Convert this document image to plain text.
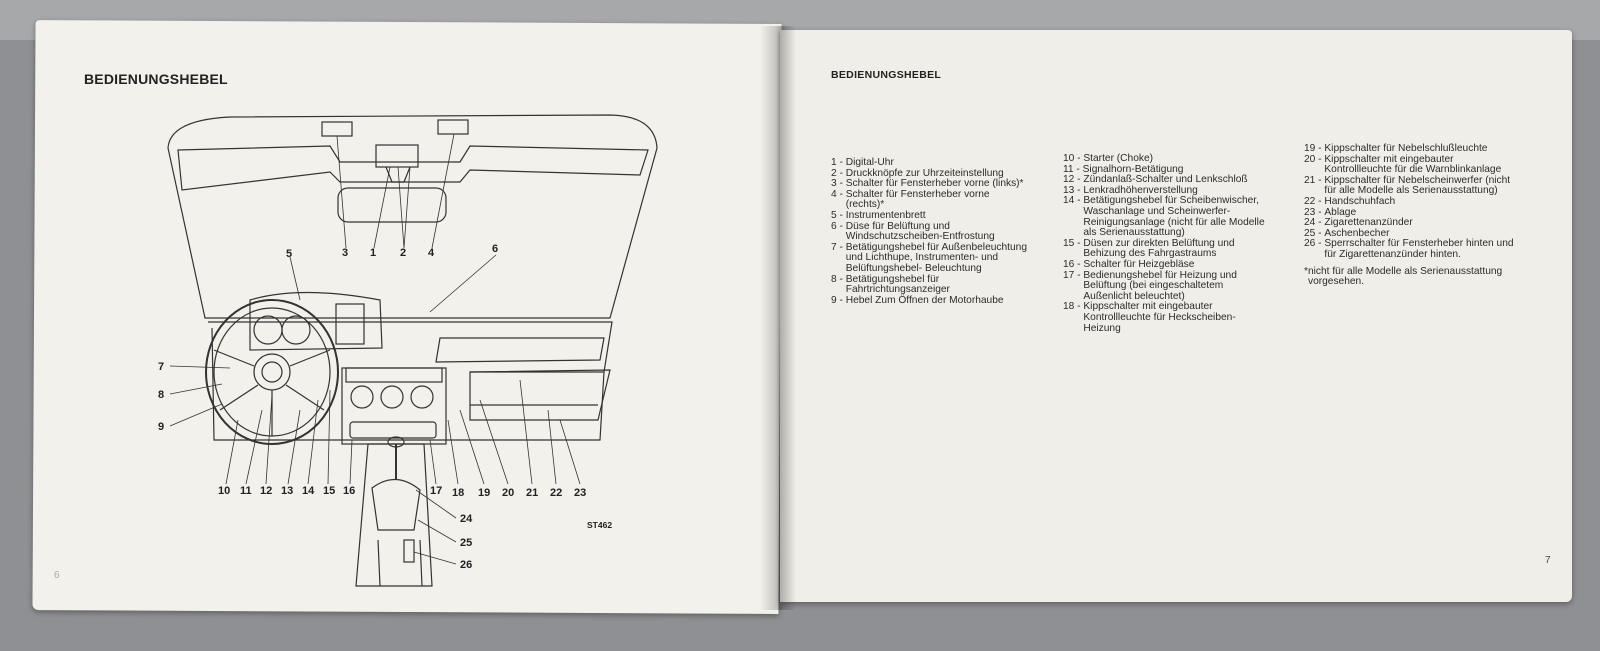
BEDIENUNGSHEBEL
6
ST462
3 1 2 4
5	6
7
8
9
10 11 12 13 14 15 16	17 18 19 20 21 22 23
24
25
26
BEDIENUNGSHEBEL
1 - Digital-Uhr
2 - Druckknöpfe zur Uhrzeiteinstellung
3 - Schalter für Fensterheber vorne (links)*
4 - Schalter für Fensterheber vorne (rechts)*
5 - Instrumentenbrett
6 - Düse für Belüftung und Windschutzscheiben-Entfrostung
7 - Betätigungshebel für Außenbeleuchtung und Lichthupe, Instrumenten- und Belüftungshebel- Beleuchtung
8 - Betätigungshebel für Fahrtrichtungsanzeiger
9 - Hebel Zum Öffnen der Motorhaube
10 - Starter (Choke)
11 - Signalhorn-Betätigung
12 - Zündanlaß-Schalter und Lenkschloß
13 - Lenkradhöhenverstellung
14 - Betätigungshebel für Scheibenwischer, Waschanlage und Scheinwerfer-Reinigungsanlage (nicht für alle Modelle als Serienausstattung)
15 - Düsen zur direkten Belüftung und Behizung des Fahrgastraums
16 - Schalter für Heizgebläse
17 - Bedienungshebel für Heizung und Belüftung (bei eingeschaltetem Außenlicht beleuchtet)
18 - Kippschalter mit eingebauter Kontrollleuchte für Heckscheiben-Heizung
19 - Kippschalter für Nebelschlußleuchte
20 - Kippschalter mit eingebauter Kontrollleuchte für die Warnblinkanlage
21 - Kippschalter für Nebelscheinwerfer (nicht für alle Modelle als Serienausstattung)
22 - Handschuhfach
23 - Ablage
24 - Zigarettenanzünder
25 - Aschenbecher
26 - Sperrschalter für Fensterheber hinten und für Zigarettenanzünder hinten.
* nicht für alle Modelle als Serienausstattung vorgesehen.
7
